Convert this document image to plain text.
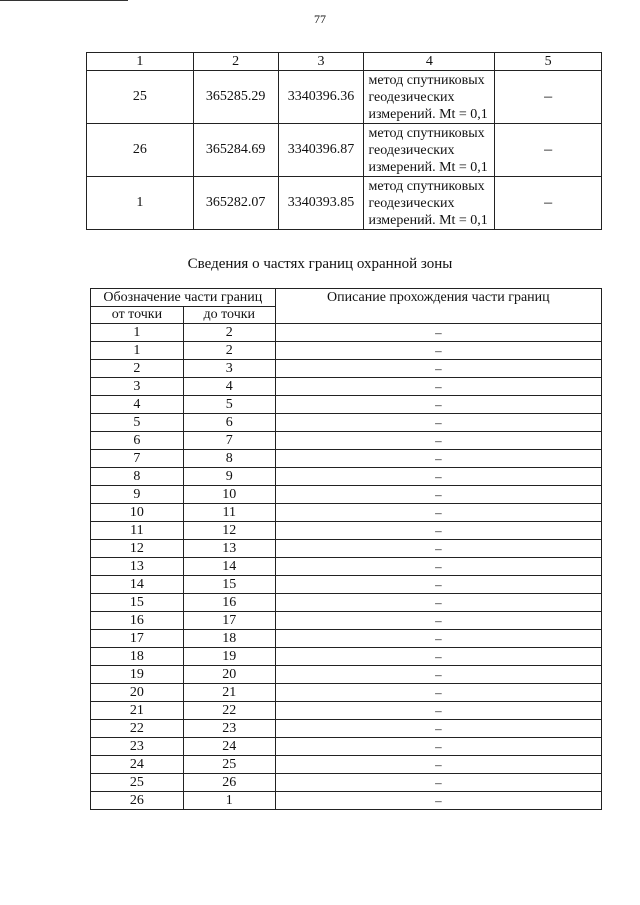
77
1	2	3	4	5
25	365285.29	3340396.36	метод спутниковых
геодезических
измерений. Mt = 0,1	–
26	365284.69	3340396.87	метод спутниковых
геодезических
измерений. Mt = 0,1	–
1	365282.07	3340393.85	метод спутниковых
геодезических
измерений. Mt = 0,1	–
Сведения о частях границ охранной зоны
Обозначение части границ		Описание прохождения части границ
от точки	до точки	
1	2	–
1	2	–
2	3	–
3	4	–
4	5	–
5	6	–
6	7	–
7	8	–
8	9	–
9	10	–
10	11	–
11	12	–
12	13	–
13	14	–
14	15	–
15	16	–
16	17	–
17	18	–
18	19	–
19	20	–
20	21	–
21	22	–
22	23	–
23	24	–
24	25	–
25	26	–
26	1	–
